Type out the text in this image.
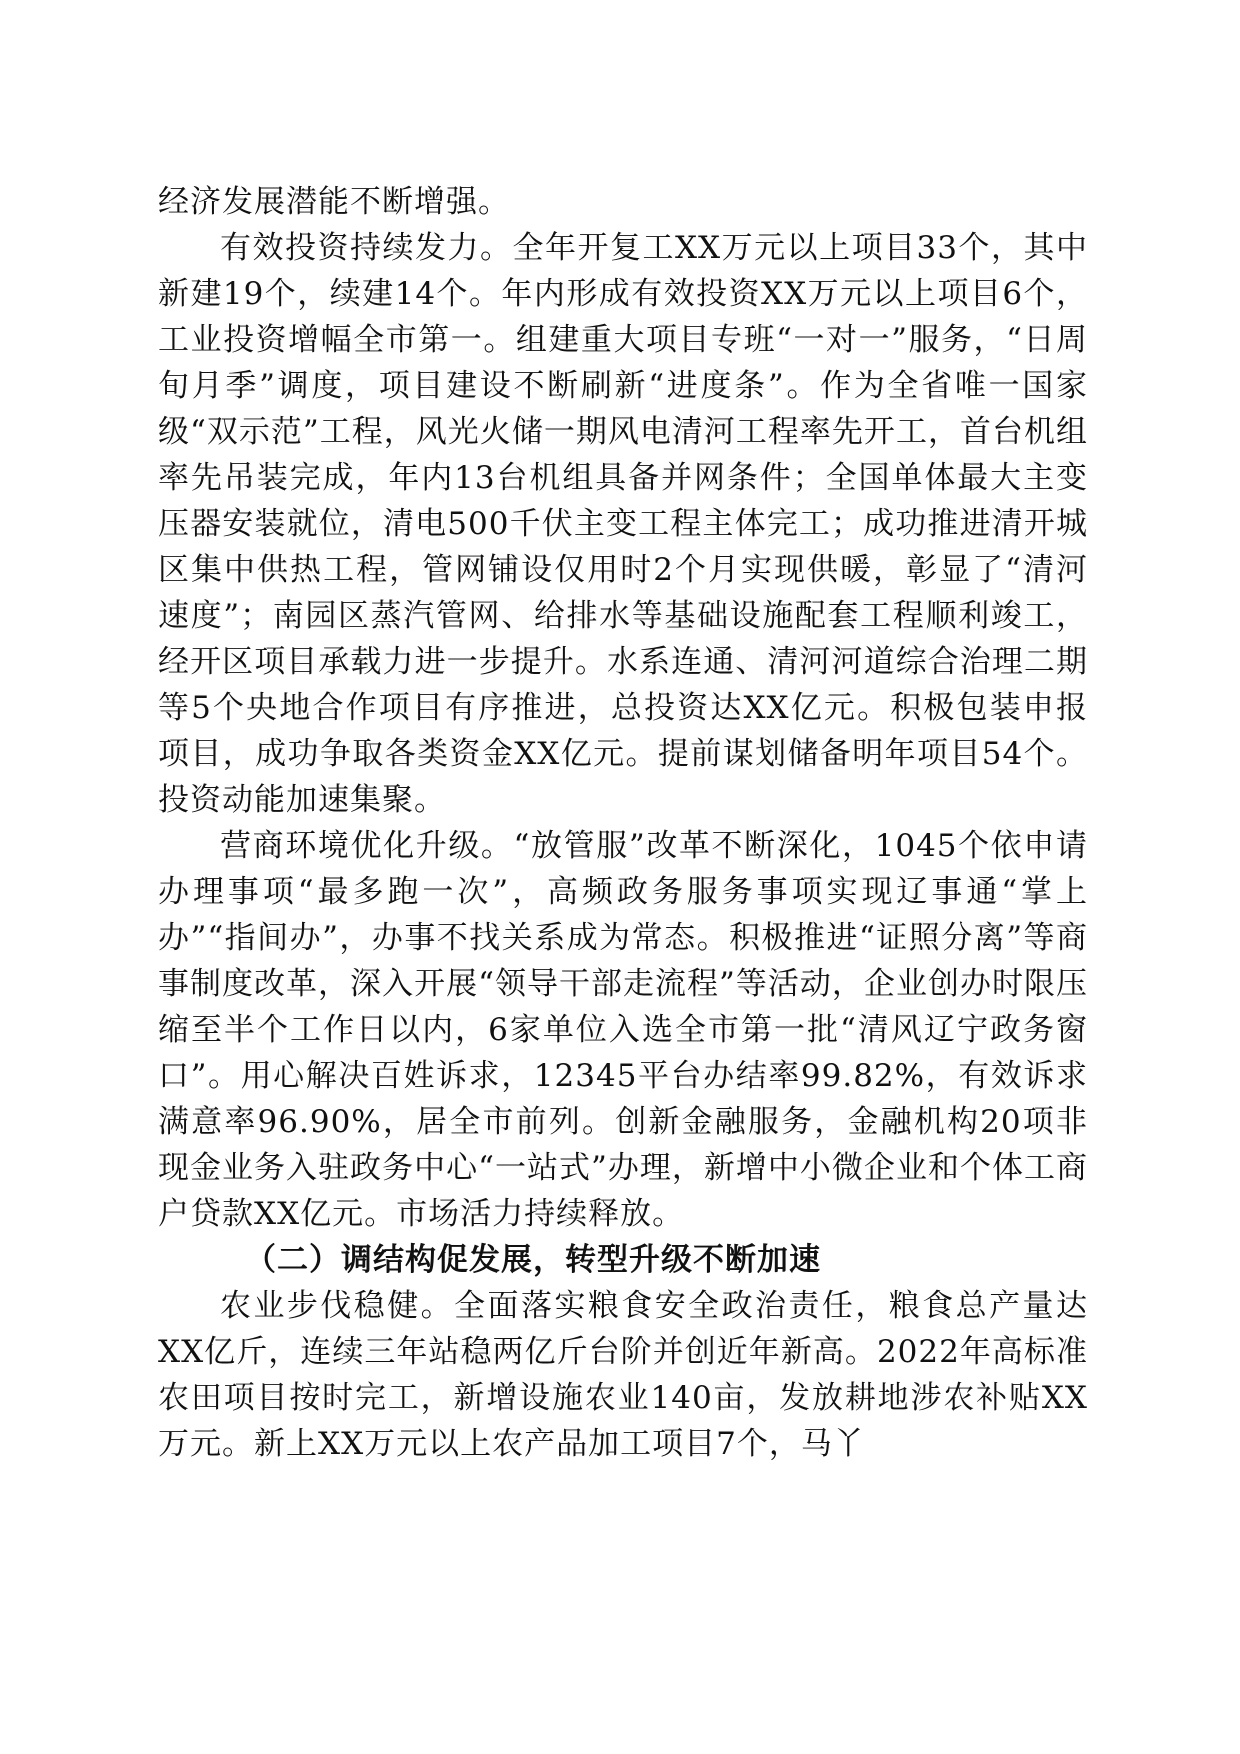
经济发展潜能不断增强。

有效投资持续发力。全年开复工XX万元以上项目33个，其中新建19个，续建14个。年内形成有效投资XX万元以上项目6个，工业投资增幅全市第一。组建重大项目专班“一对一”服务，“日周旬月季”调度，项目建设不断刷新“进度条”。作为全省唯一国家级“双示范”工程，风光火储一期风电清河工程率先开工，首台机组率先吊装完成，年内13台机组具备并网条件；全国单体最大主变压器安装就位，清电500千伏主变工程主体完工；成功推进清开城区集中供热工程，管网铺设仅用时2个月实现供暖，彰显了“清河速度”；南园区蒸汽管网、给排水等基础设施配套工程顺利竣工，经开区项目承载力进一步提升。水系连通、清河河道综合治理二期等5个央地合作项目有序推进，总投资达XX亿元。积极包装申报项目，成功争取各类资金XX亿元。提前谋划储备明年项目54个。投资动能加速集聚。

营商环境优化升级。“放管服”改革不断深化，1045个依申请办理事项“最多跑一次”，高频政务服务事项实现辽事通“掌上办”“指间办”，办事不找关系成为常态。积极推进“证照分离”等商事制度改革，深入开展“领导干部走流程”等活动，企业创办时限压缩至半个工作日以内，6家单位入选全市第一批“清风辽宁政务窗口”。用心解决百姓诉求，12345平台办结率99.82%，有效诉求满意率96.90%，居全市前列。创新金融服务，金融机构20项非现金业务入驻政务中心“一站式”办理，新增中小微企业和个体工商户贷款XX亿元。市场活力持续释放。

（二）调结构促发展，转型升级不断加速

农业步伐稳健。全面落实粮食安全政治责任，粮食总产量达XX亿斤，连续三年站稳两亿斤台阶并创近年新高。2022年高标准农田项目按时完工，新增设施农业140亩，发放耕地涉农补贴XX万元。新上XX万元以上农产品加工项目7个，马丫
